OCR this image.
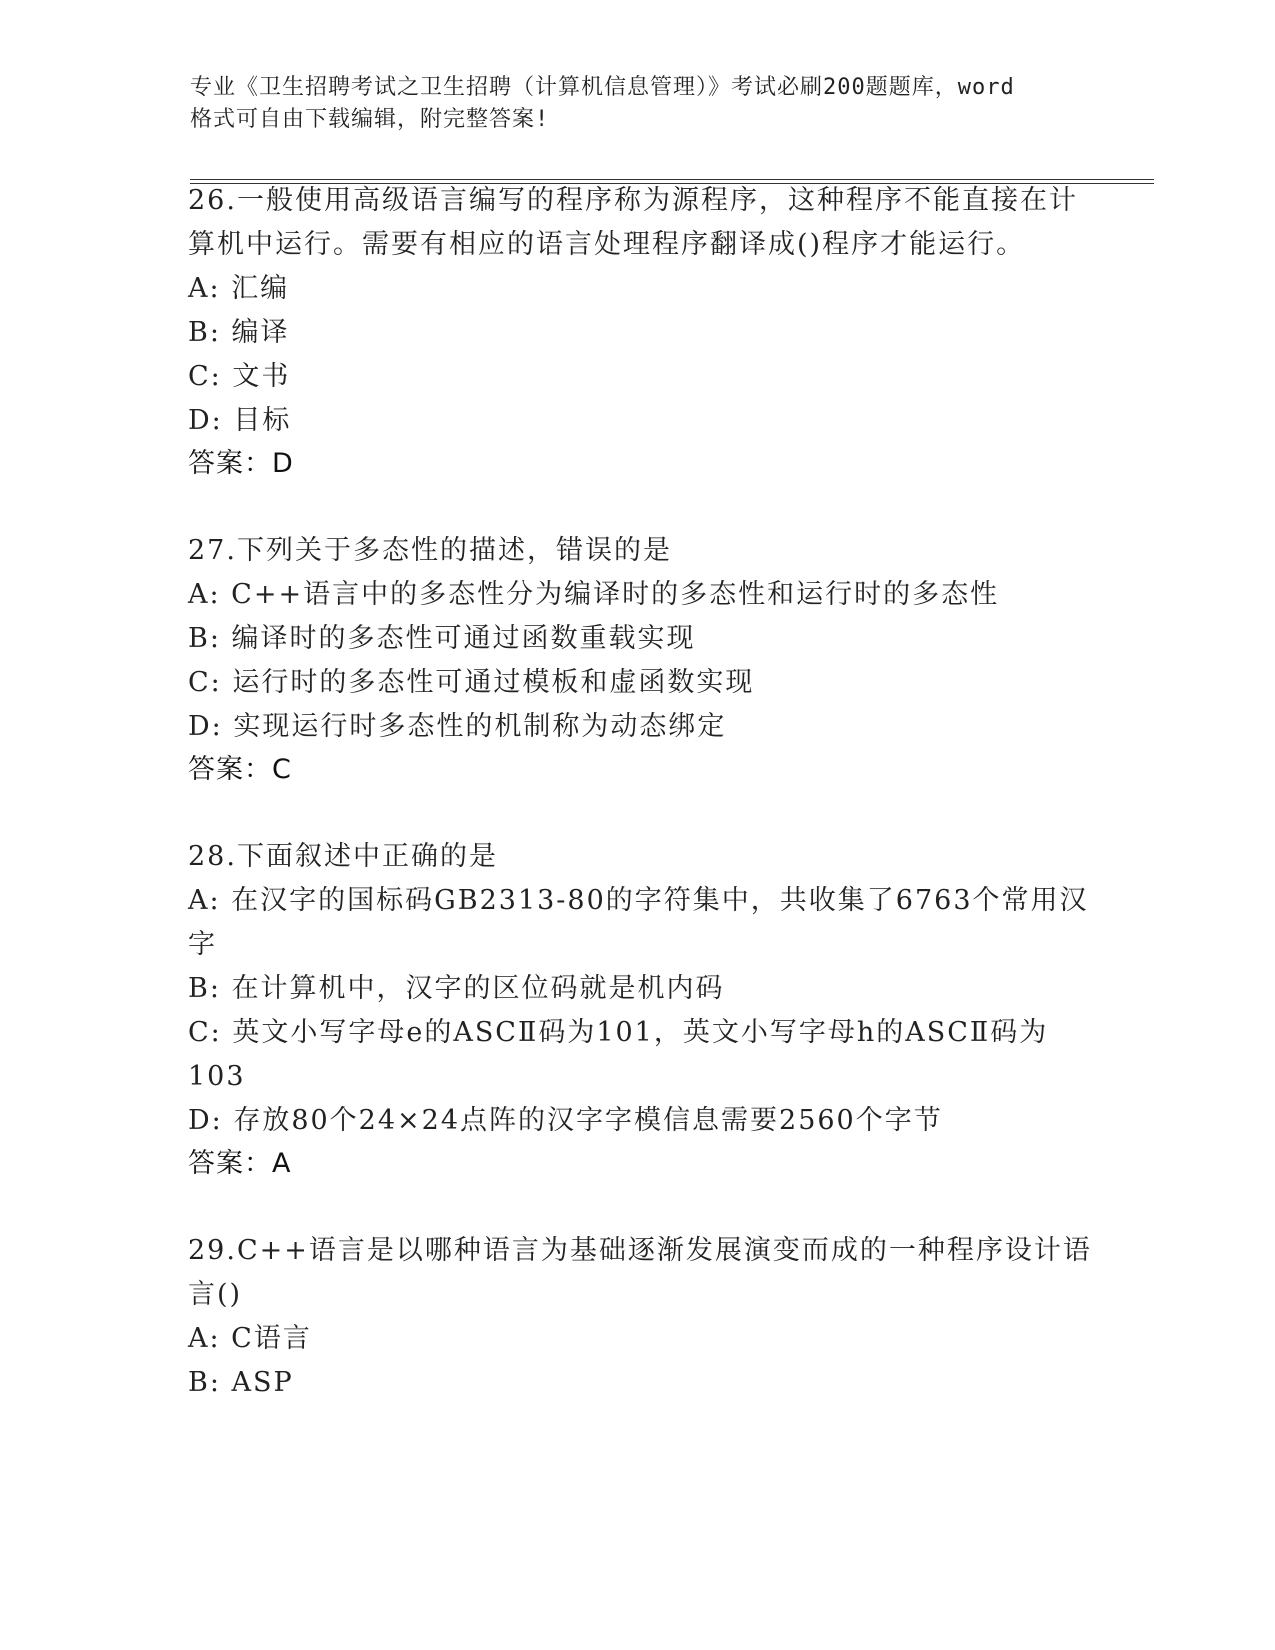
专业《卫生招聘考试之卫生招聘（计算机信息管理）》考试必刷200题题库，word
格式可自由下载编辑，附完整答案!
26.一般使用高级语言编写的程序称为源程序，这种程序不能直接在计
算机中运行。需要有相应的语言处理程序翻译成()程序才能运行。
A: 汇编
B: 编译
C: 文书
D: 目标
答案：D
27.下列关于多态性的描述，错误的是
A: C++语言中的多态性分为编译时的多态性和运行时的多态性
B: 编译时的多态性可通过函数重载实现
C: 运行时的多态性可通过模板和虚函数实现
D: 实现运行时多态性的机制称为动态绑定
答案：C
28.下面叙述中正确的是
A: 在汉字的国标码GB2313-80的字符集中，共收集了6763个常用汉
字
B: 在计算机中，汉字的区位码就是机内码
C: 英文小写字母e的ASCⅡ码为101，英文小写字母h的ASCⅡ码为
103
D: 存放80个24×24点阵的汉字字模信息需要2560个字节
答案：A
29.C++语言是以哪种语言为基础逐渐发展演变而成的一种程序设计语
言()
A: C语言
B: ASP
